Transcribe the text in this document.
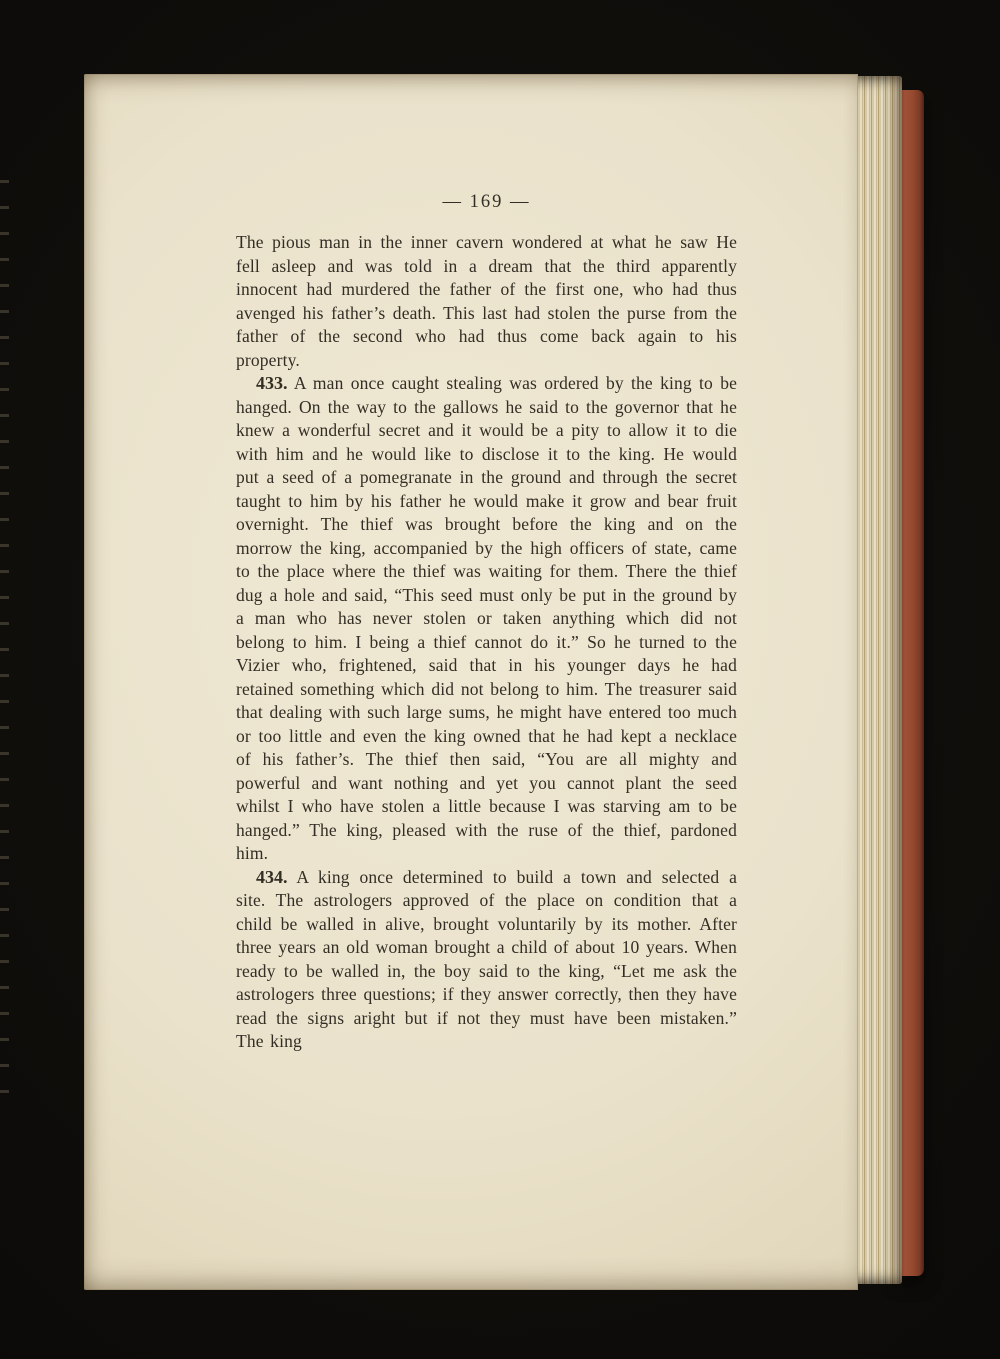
— 169 —

The pious man in the inner cavern wondered at what he saw He fell asleep and was told in a dream that the third apparently innocent had murdered the father of the first one, who had thus avenged his father’s death. This last had stolen the purse from the father of the second who had thus come back again to his property.

433. A man once caught stealing was ordered by the king to be hanged. On the way to the gallows he said to the governor that he knew a wonderful secret and it would be a pity to allow it to die with him and he would like to disclose it to the king. He would put a seed of a pomegranate in the ground and through the secret taught to him by his father he would make it grow and bear fruit overnight. The thief was brought before the king and on the morrow the king, accompanied by the high officers of state, came to the place where the thief was waiting for them. There the thief dug a hole and said, “This seed must only be put in the ground by a man who has never stolen or taken anything which did not belong to him. I being a thief cannot do it.” So he turned to the Vizier who, frightened, said that in his younger days he had retained something which did not belong to him. The treasurer said that dealing with such large sums, he might have entered too much or too little and even the king owned that he had kept a necklace of his father’s. The thief then said, “You are all mighty and powerful and want nothing and yet you cannot plant the seed whilst I who have stolen a little because I was starving am to be hanged.” The king, pleased with the ruse of the thief, pardoned him.

434. A king once determined to build a town and selected a site. The astrologers approved of the place on condition that a child be walled in alive, brought voluntarily by its mother. After three years an old woman brought a child of about 10 years. When ready to be walled in, the boy said to the king, “Let me ask the astrologers three questions; if they answer correctly, then they have read the signs aright but if not they must have been mistaken.” The king
